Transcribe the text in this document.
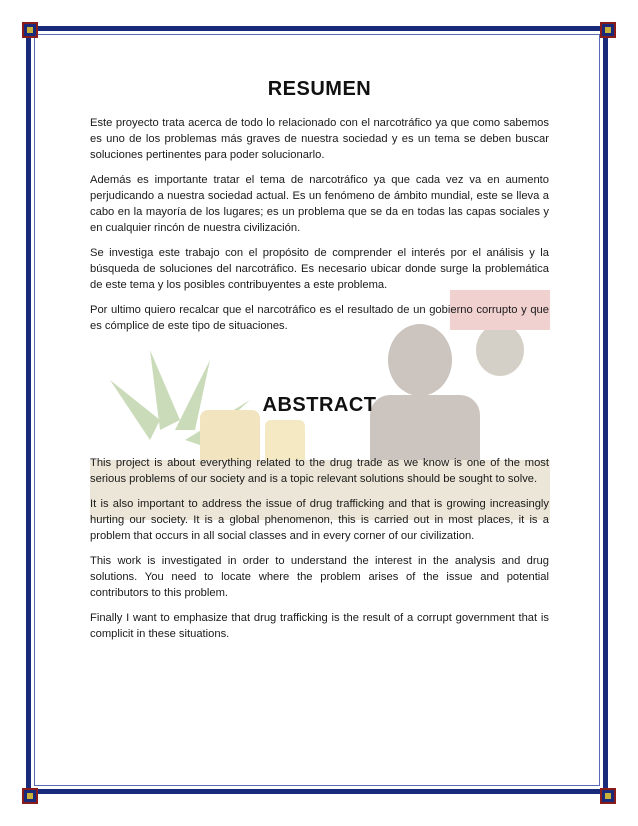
RESUMEN

Este proyecto trata acerca de todo lo relacionado con el narcotráfico ya que como sabemos es uno de los problemas más graves de nuestra sociedad y es un tema se deben buscar soluciones pertinentes para poder solucionarlo.

Además es importante tratar el tema de narcotráfico ya que cada vez va en aumento perjudicando a nuestra sociedad actual. Es un fenómeno de ámbito mundial, este se lleva a cabo en la mayoría de los lugares; es un problema que se da en todas las capas sociales y en cualquier rincón de nuestra civilización.

Se investiga este trabajo con el propósito de comprender el interés por el análisis y la búsqueda de soluciones del narcotráfico. Es necesario ubicar donde surge la problemática de este tema y los posibles contribuyentes a este problema.

Por ultimo quiero recalcar que el narcotráfico es el resultado de un gobierno corrupto y que es cómplice de este tipo de situaciones.

ABSTRACT

This project is about everything related to the drug trade as we know is one of the most serious problems of our society and is a topic relevant solutions should be sought to solve.

It is also important to address the issue of drug trafficking and that is growing increasingly hurting our society. It is a global phenomenon, this is carried out in most places, it is a problem that occurs in all social classes and in every corner of our civilization.

This work is investigated in order to understand the interest in the analysis and drug solutions. You need to locate where the problem arises of the issue and potential contributors to this problem.

Finally I want to emphasize that drug trafficking is the result of a corrupt government that is complicit in these situations.
